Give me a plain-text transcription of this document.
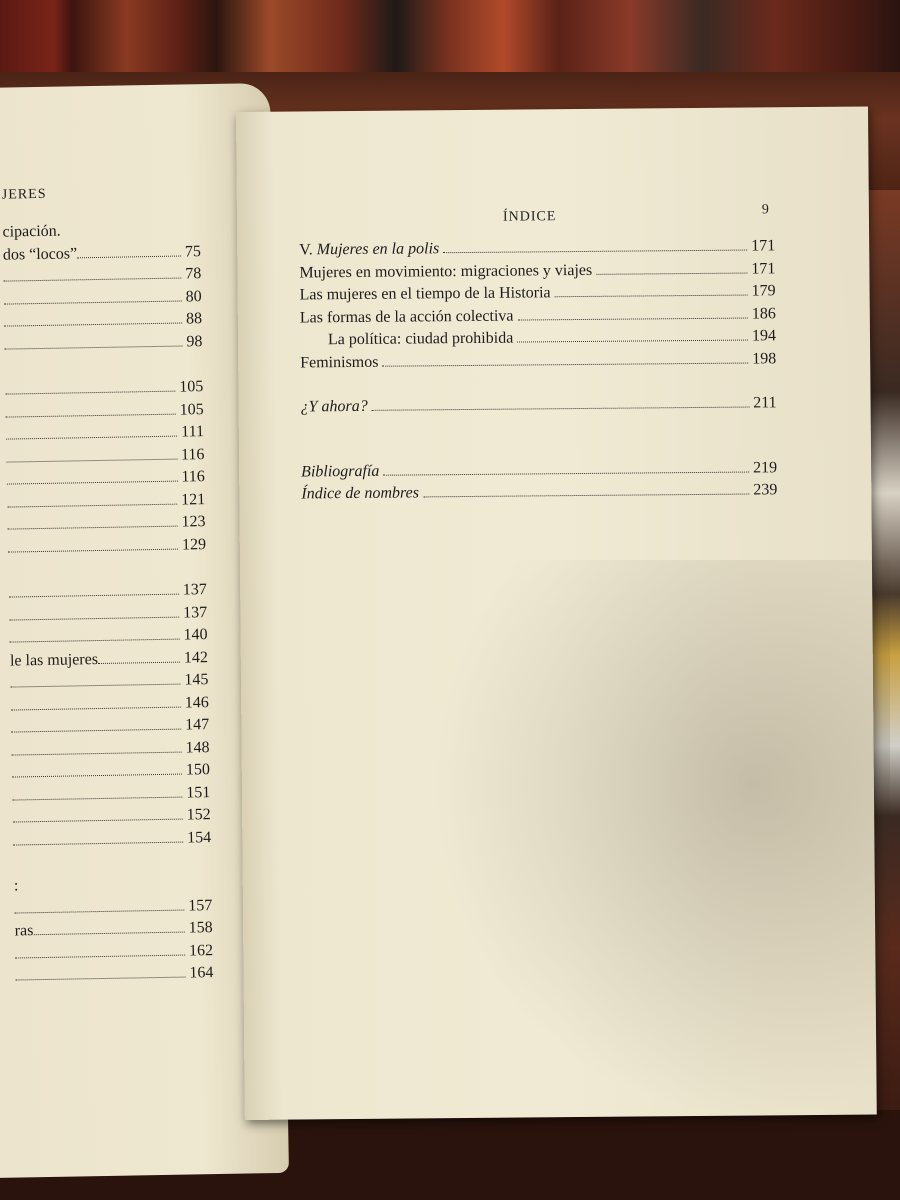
JERES
cipación.
dos “locos”	75
78
80
88
98
105
105
111
116
116
121
123
129
137
137
140
le las mujeres	142
145
146
147
148
150
151
152
154
:
157
ras	158
162
164
ÍNDICE	9
V. Mujeres en la polis	171
Mujeres en movimiento: migraciones y viajes	171
Las mujeres en el tiempo de la Historia	179
Las formas de la acción colectiva	186
La política: ciudad prohibida	194
Feminismos	198
¿Y ahora?	211
Bibliografía	219
Índice de nombres	239
